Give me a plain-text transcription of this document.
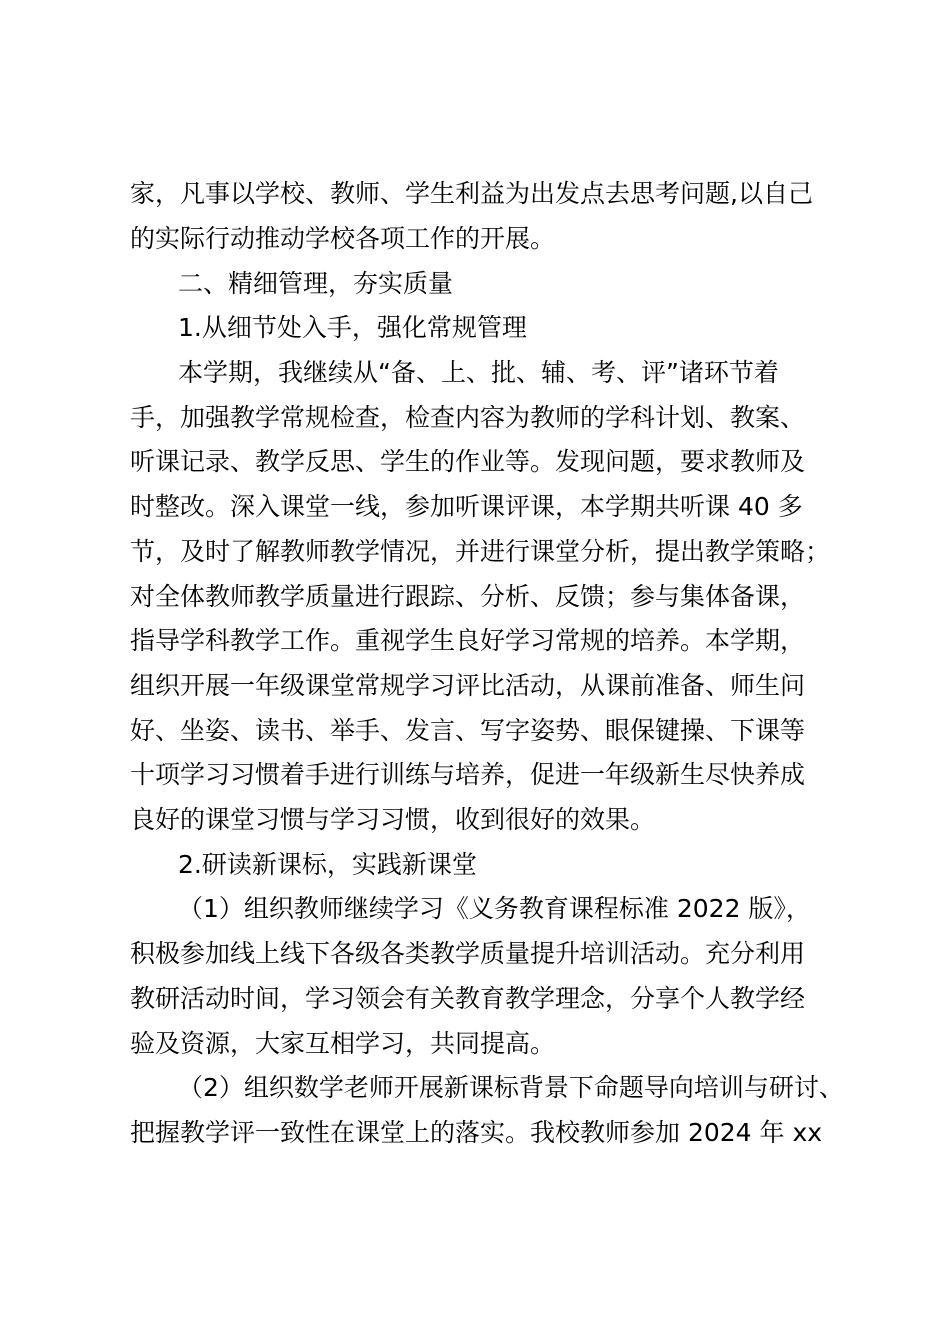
家，凡事以学校、教师、学生利益为出发点去思考问题,以自己
的实际行动推动学校各项工作的开展。
二、精细管理，夯实质量
1.从细节处入手，强化常规管理
本学期，我继续从“备、上、批、辅、考、评”诸环节着
手，加强教学常规检查，检查内容为教师的学科计划、教案、
听课记录、教学反思、学生的作业等。发现问题，要求教师及
时整改。深入课堂一线，参加听课评课，本学期共听课 40 多
节，及时了解教师教学情况，并进行课堂分析，提出教学策略；
对全体教师教学质量进行跟踪、分析、反馈；参与集体备课，
指导学科教学工作。重视学生良好学习常规的培养。本学期，
组织开展一年级课堂常规学习评比活动，从课前准备、师生问
好、坐姿、读书、举手、发言、写字姿势、眼保键操、下课等
十项学习习惯着手进行训练与培养，促进一年级新生尽快养成
良好的课堂习惯与学习习惯，收到很好的效果。
2.研读新课标，实践新课堂
（1）组织教师继续学习《义务教育课程标准 2022 版》，
积极参加线上线下各级各类教学质量提升培训活动。充分利用
教研活动时间，学习领会有关教育教学理念，分享个人教学经
验及资源，大家互相学习，共同提高。
（2）组织数学老师开展新课标背景下命题导向培训与研讨、
把握教学评一致性在课堂上的落实。我校教师参加 2024 年 xx
